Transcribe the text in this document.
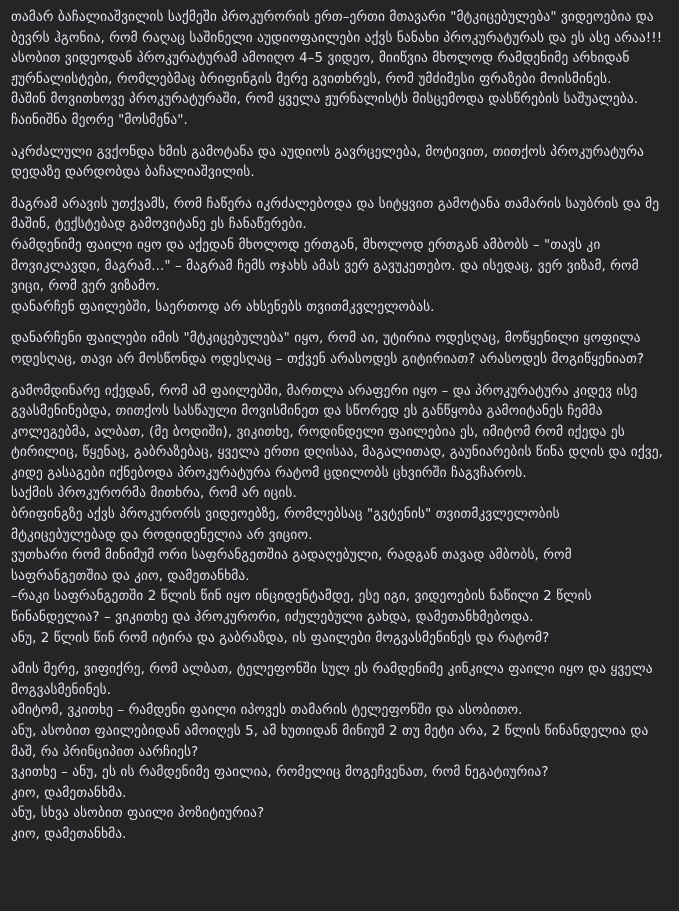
თამარ ბაჩალიაშვილის საქმეში პროკურორის ერთ–ერთი მთავარი "მტკიცებულება" ვიდეოებია და ბევრს ჰგონია, რომ რაღაც საშინელი აუდიოფაილები აქვს ნანახი პროკურატურას და ეს ასე არაა!!!
ასობით ვიდეოდან პროკურატურამ ამოიღო 4–5 ვიდეო, მიიწვია მხოლოდ რამდენიმე არხიდან ჟურნალისტები, რომლებმაც ბრიფინგის მერე გვითხრეს, რომ უმძიმესი ფრაზები მოისმინეს.
მაშინ მოვითხოვე პროკურატურაში, რომ ყველა ჟურნალისტს მისცემოდა დასწრების საშუალება.
ჩაინიშნა მეორე "მოსმენა".
აკრძალული გვქონდა ხმის გამოტანა და აუდიოს გავრცელება, მოტივით, თითქოს პროკურატურა დედაზე დარდობდა ბაჩალიაშვილის.
მაგრამ არავის უთქვამს, რომ ჩაწერა იკრძალებოდა და სიტყვით გამოტანა თამარის საუბრის და მე მაშინ, ტექსტებად გამოვიტანე ეს ჩანაწერები.
რამდენიმე ფაილი იყო და აქედან მხოლოდ ერთგან, მხოლოდ ერთგან ამბობს – "თავს კი მოვიკლავდი, მაგრამ..." – მაგრამ ჩემს ოჯახს ამას ვერ გავუკეთებო. და ისედაც, ვერ ვიზამ, რომ ვიცი, რომ ვერ ვიზამო.
დანარჩენ ფაილებში, საერთოდ არ ახსენებს თვითმკვლელობას.
დანარჩენი ფაილები იმის "მტკიცებულება" იყო, რომ აი, უტირია ოდესღაც, მოწყენილი ყოფილა ოდესღაც, თავი არ მოსწონდა ოდესღაც – თქვენ არასოდეს გიტირიათ? არასოდეს მოგიწყენიათ?
გამომდინარე იქედან, რომ ამ ფაილებში, მართლა არაფერი იყო – და პროკურატურა კიდევ ისე გვასმენინებდა, თითქოს სასწაული მოვისმინეთ და სწორედ ეს განწყობა გამოიტანეს ჩემმა კოლეგებმა, ალბათ, (მე ბოდიში), ვიკითხე, როდინდელი ფაილებია ეს, იმიტომ რომ იქედა ეს ტირილიც, წყენაც, გაბრაზებაც, ყველა ერთი დღისაა, მაგალითად, გაუნიარების წინა დღის და იქვე, კიდე გასაგები იქნებოდა პროკურატურა რატომ ცდილობს ცხვირში ჩაგვჩაროს.
საქმის პროკურორმა მითხრა, რომ არ იცის.
ბრიფინგზე აქვს პროკურორს ვიდეოებზე, რომლებსაც "გვტენის" თვითმკვლელობის მტკიცებულებად და როდიდენელია არ ვიციო.
ვუთხარი რომ მინიმუმ ორი საფრანგეთშია გადაღებული, რადგან თავად ამბობს, რომ საფრანგეთშია და კიო, დამეთანხმა.
–რაკი საფრანგეთში 2 წლის წინ იყო ინციდენტამდე, ესე იგი, ვიდეოების ნაწილი 2 წლის წინანდელია? – ვიკითხე და პროკურორი, იძულებული გახდა, დამეთანხმებოდა.
ანუ, 2 წლის წინ რომ იტირა და გაბრაზდა, ის ფაილები მოგვასმენინეს და რატომ?
ამის მერე, ვიფიქრე, რომ ალბათ, ტელეფონში სულ ეს რამდენიმე კინკილა ფაილი იყო და ყველა მოგვასმენინეს.
ამიტომ, ვკითხე – რამდენი ფაილი იპოვეს თამარის ტელეფონში და ასობითო.
ანუ, ასობით ფაილებიდან ამოიღეს 5, ამ ხუთიდან მინიუმ 2 თუ მეტი არა, 2 წლის წინანდელია და მაშ, რა პრინციპით აარჩიეს?
ვკითხე – ანუ, ეს ის რამდენიმე ფაილია, რომელიც მოგეჩვენათ, რომ ნეგატიურია?
კიო, დამეთანხმა.
ანუ, სხვა ასობით ფაილი პოზიტიურია?
კიო, დამეთანხმა.
